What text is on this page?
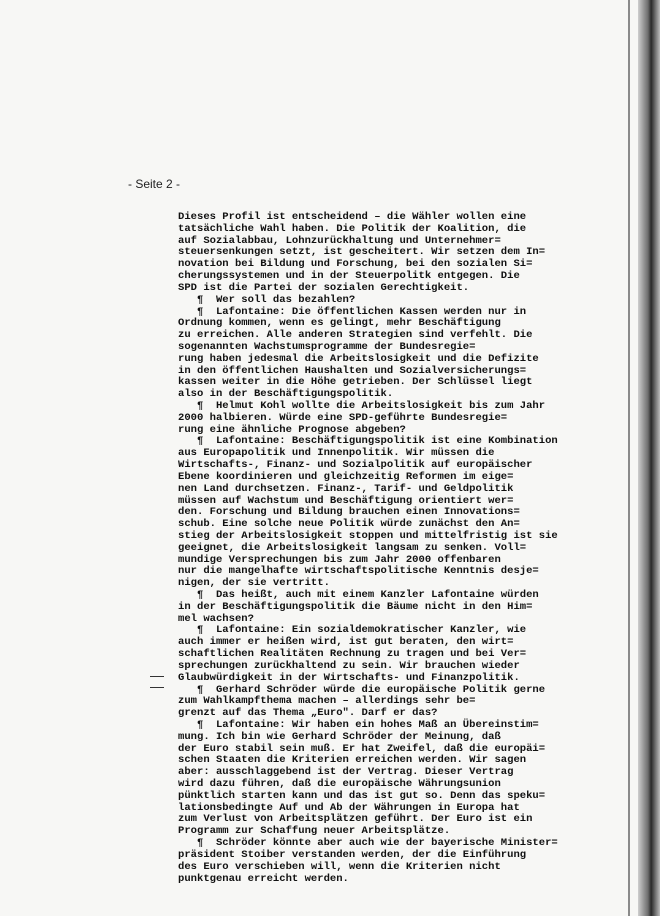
- Seite 2 -
Dieses Profil ist entscheidend – die Wähler wollen eine
tatsächliche Wahl haben. Die Politik der Koalition, die
auf Sozialabbau, Lohnzurückhaltung und Unternehmer=
steuersenkungen setzt, ist gescheitert. Wir setzen dem In=
novation bei Bildung und Forschung, bei den sozialen Si=
cherungssystemen und in der Steuerpolitk entgegen. Die
SPD ist die Partei der sozialen Gerechtigkeit.
¶  Wer soll das bezahlen?
¶  Lafontaine: Die öffentlichen Kassen werden nur in
Ordnung kommen, wenn es gelingt, mehr Beschäftigung
zu erreichen. Alle anderen Strategien sind verfehlt. Die
sogenannten Wachstumsprogramme der Bundesregie=
rung haben jedesmal die Arbeitslosigkeit und die Defizite
in den öffentlichen Haushalten und Sozialversicherungs=
kassen weiter in die Höhe getrieben. Der Schlüssel liegt
also in der Beschäftigungspolitik.
¶  Helmut Kohl wollte die Arbeitslosigkeit bis zum Jahr
2000 halbieren. Würde eine SPD-geführte Bundesregie=
rung eine ähnliche Prognose abgeben?
¶  Lafontaine: Beschäftigungspolitik ist eine Kombination
aus Europapolitik und Innenpolitik. Wir müssen die
Wirtschafts-, Finanz- und Sozialpolitik auf europäischer
Ebene koordinieren und gleichzeitig Reformen im eige=
nen Land durchsetzen. Finanz-, Tarif- und Geldpolitik
müssen auf Wachstum und Beschäftigung orientiert wer=
den. Forschung und Bildung brauchen einen Innovations=
schub. Eine solche neue Politik würde zunächst den An=
stieg der Arbeitslosigkeit stoppen und mittelfristig ist sie
geeignet, die Arbeitslosigkeit langsam zu senken. Voll=
mundige Versprechungen bis zum Jahr 2000 offenbaren
nur die mangelhafte wirtschaftspolitische Kenntnis desje=
nigen, der sie vertritt.
¶  Das heißt, auch mit einem Kanzler Lafontaine würden
in der Beschäftigungspolitik die Bäume nicht in den Him=
mel wachsen?
¶  Lafontaine: Ein sozialdemokratischer Kanzler, wie
auch immer er heißen wird, ist gut beraten, den wirt=
schaftlichen Realitäten Rechnung zu tragen und bei Ver=
sprechungen zurückhaltend zu sein. Wir brauchen wieder
Glaubwürdigkeit in der Wirtschafts- und Finanzpolitik.
¶  Gerhard Schröder würde die europäische Politik gerne
zum Wahlkampfthema machen – allerdings sehr be=
grenzt auf das Thema „Euro". Darf er das?
¶  Lafontaine: Wir haben ein hohes Maß an Übereinstim=
mung. Ich bin wie Gerhard Schröder der Meinung, daß
der Euro stabil sein muß. Er hat Zweifel, daß die europäi=
schen Staaten die Kriterien erreichen werden. Wir sagen
aber: ausschlaggebend ist der Vertrag. Dieser Vertrag
wird dazu führen, daß die europäische Währungsunion
pünktlich starten kann und das ist gut so. Denn das speku=
lationsbedingte Auf und Ab der Währungen in Europa hat
zum Verlust von Arbeitsplätzen geführt. Der Euro ist ein
Programm zur Schaffung neuer Arbeitsplätze.
¶  Schröder könnte aber auch wie der bayerische Minister=
präsident Stoiber verstanden werden, der die Einführung
des Euro verschieben will, wenn die Kriterien nicht
punktgenau erreicht werden.
